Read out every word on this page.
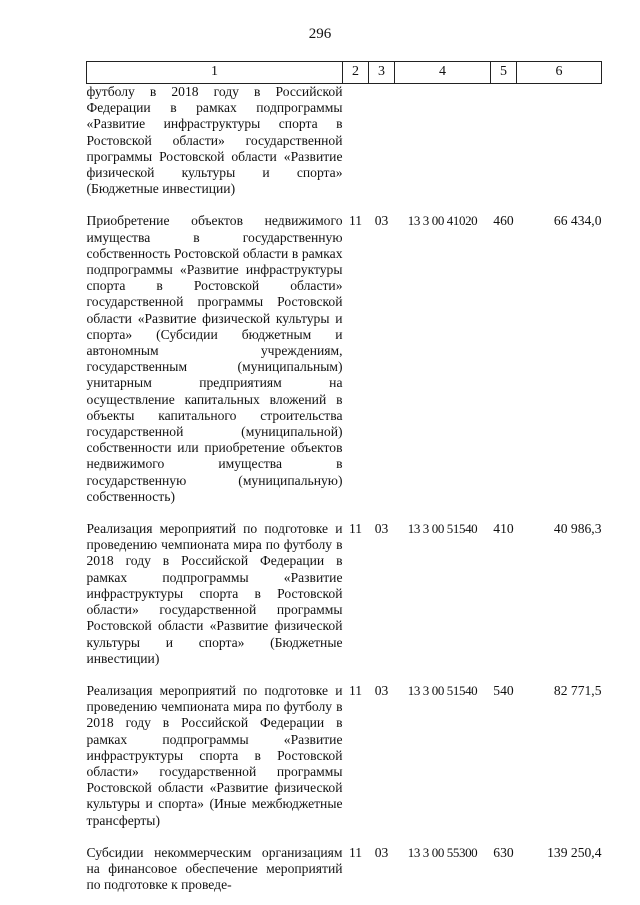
296
1	2	3	4	5	6
футболу в 2018 году в Российской Федерации в рамках подпрограммы «Развитие инфраструктуры спорта в Ростовской области» государственной программы Ростовской области «Развитие физической культуры и спорта» (Бюджетные инвестиции)					

Приобретение объектов недвижимого имущества в государственную собственность Ростовской области в рамках подпрограммы «Развитие инфраструктуры спорта в Ростовской области» государственной программы Ростовской области «Развитие физической культуры и спорта» (Субсидии бюджетным и автономным учреждениям, государственным (муниципальным) унитарным предприятиям на осуществление капитальных вложений в объекты капитального строительства государственной (муниципальной) собственности или приобретение объектов недвижимого имущества в государственную (муниципальную) собственность)	11	03	13 3 00 41020	460	66 434,0

Реализация мероприятий по подготовке и проведению чемпионата мира по футболу в 2018 году в Российской Федерации в рамках подпрограммы «Развитие инфраструктуры спорта в Ростовской области» государственной программы Ростовской области «Развитие физической культуры и спорта» (Бюджетные инвестиции)	11	03	13 3 00 51540	410	40 986,3

Реализация мероприятий по подготовке и проведению чемпионата мира по футболу в 2018 году в Российской Федерации в рамках подпрограммы «Развитие инфраструктуры спорта в Ростовской области» государственной программы Ростовской области «Развитие физической культуры и спорта» (Иные межбюджетные трансферты)	11	03	13 3 00 51540	540	82 771,5

Субсидии некоммерческим организациям на финансовое обеспечение мероприятий по подготовке к проведе-	11	03	13 3 00 55300	630	139 250,4
